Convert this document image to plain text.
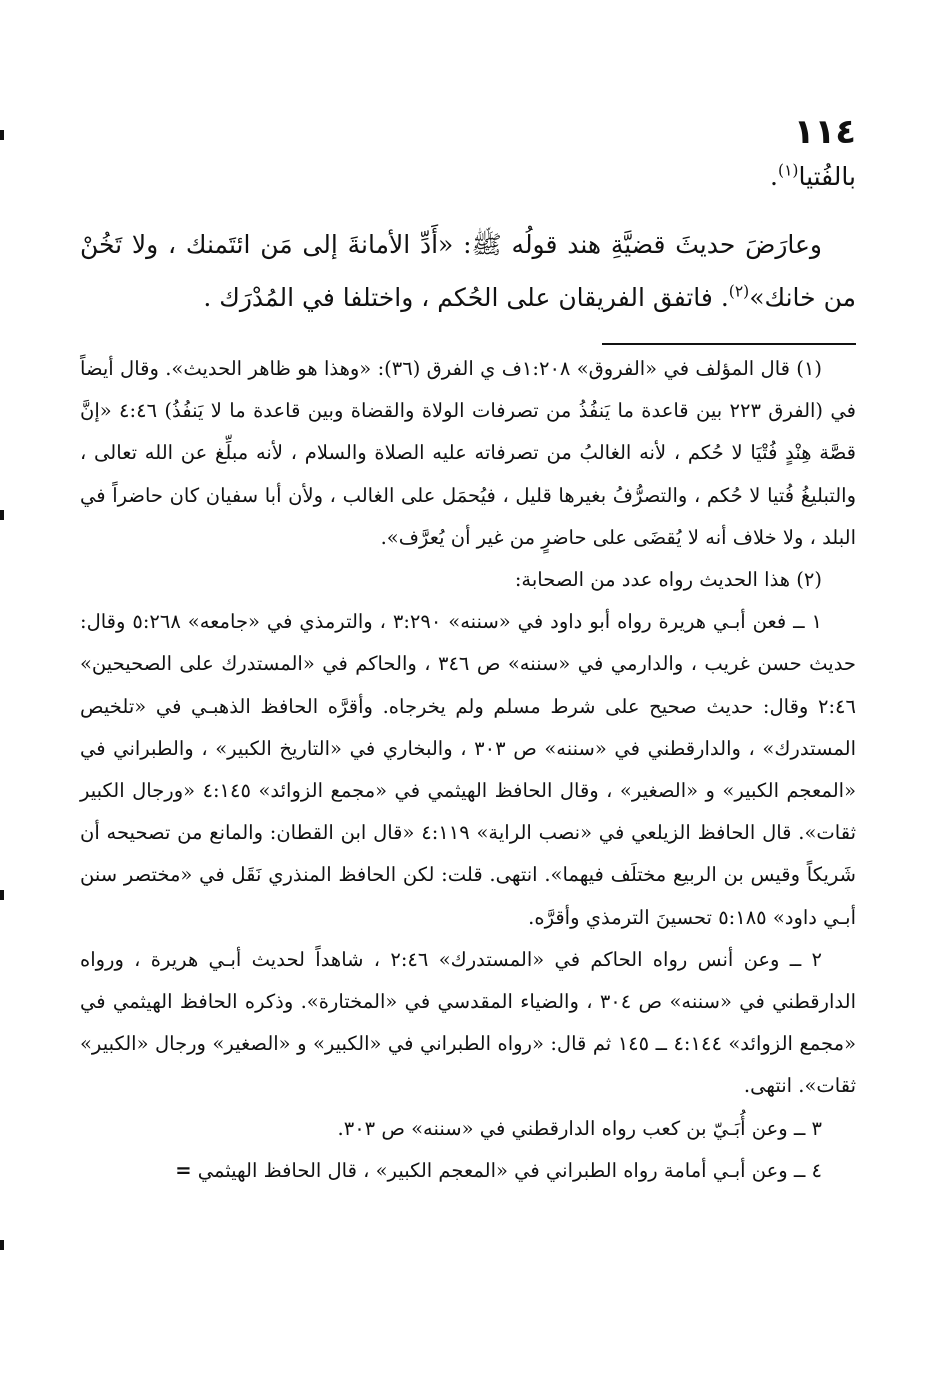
١١٤

بالفُتيا$^{(١)}$.

وعارَضَ حديثَ قضيَّةِ هند قولُه ﷺ: «أَدِّ الأمانةَ إلى مَن ائتَمنك ، ولا تَخُنْ من خانك»$^{(٢)}$. فاتفق الفريقان على الحُكم ، واختلفا في المُدْرَك .

(١) قال المؤلف في «الفروق» ١:٢٠٨ف ي الفرق (٣٦): «وهذا هو ظاهر الحديث». وقال أيضاً في (الفرق ٢٢٣ بين قاعدة ما يَنفُذُ من تصرفات الولاة والقضاة وبين قاعدة ما لا يَنفُذُ) ٤:٤٦ «إنَّ قصَّة هِنْدٍ فُتْيَا لا حُكم ، لأنه الغالبُ من تصرفاته عليه الصلاة والسلام ، لأنه مبلِّغ عن الله تعالى ، والتبليغُ فُتيا لا حُكم ، والتصرُّفُ بغيرها قليل ، فيُحمَل على الغالب ، ولأن أبا سفيان كان حاضراً في البلد ، ولا خلاف أنه لا يُقضَى على حاضرٍ من غير أن يُعرَّف».

(٢) هذا الحديث رواه عدد من الصحابة:

١ ــ فعن أبـي هريرة رواه أبو داود في «سننه» ٣:٢٩٠ ، والترمذي في «جامعه» ٥:٢٦٨ وقال: حديث حسن غريب ، والدارمي في «سننه» ص ٣٤٦ ، والحاكم في «المستدرك على الصحيحين» ٢:٤٦ وقال: حديث صحيح على شرط مسلم ولم يخرجاه. وأقرَّه الحافظ الذهبـي في «تلخيص المستدرك» ، والدارقطني في «سننه» ص ٣٠٣ ، والبخاري في «التاريخ الكبير» ، والطبراني في «المعجم الكبير» و «الصغير» ، وقال الحافظ الهيثمي في «مجمع الزوائد» ٤:١٤٥ «ورجال الكبير ثقات». قال الحافظ الزيلعي في «نصب الراية» ٤:١١٩ «قال ابن القطان: والمانع من تصحيحه أن شَريكاً وقيس بن الربيع مختلَف فيهما». انتهى. قلت: لكن الحافظ المنذري نَقَل في «مختصر سنن أبـي داود» ٥:١٨٥ تحسينَ الترمذي وأقرَّه.

٢ ــ وعن أنس رواه الحاكم في «المستدرك» ٢:٤٦ ، شاهداً لحديث أبـي هريرة ، ورواه الدارقطني في «سننه» ص ٣٠٤ ، والضياء المقدسي في «المختارة». وذكره الحافظ الهيثمي في «مجمع الزوائد» ٤:١٤٤ ــ ١٤٥ ثم قال: «رواه الطبراني في «الكبير» و «الصغير» ورجال «الكبير» ثقات». انتهى.

٣ ــ وعن أُبَـيّ بن كعب رواه الدارقطني في «سننه» ص ٣٠٣.

٤ ــ وعن أبـي أمامة رواه الطبراني في «المعجم الكبير» ، قال الحافظ الهيثمي =
